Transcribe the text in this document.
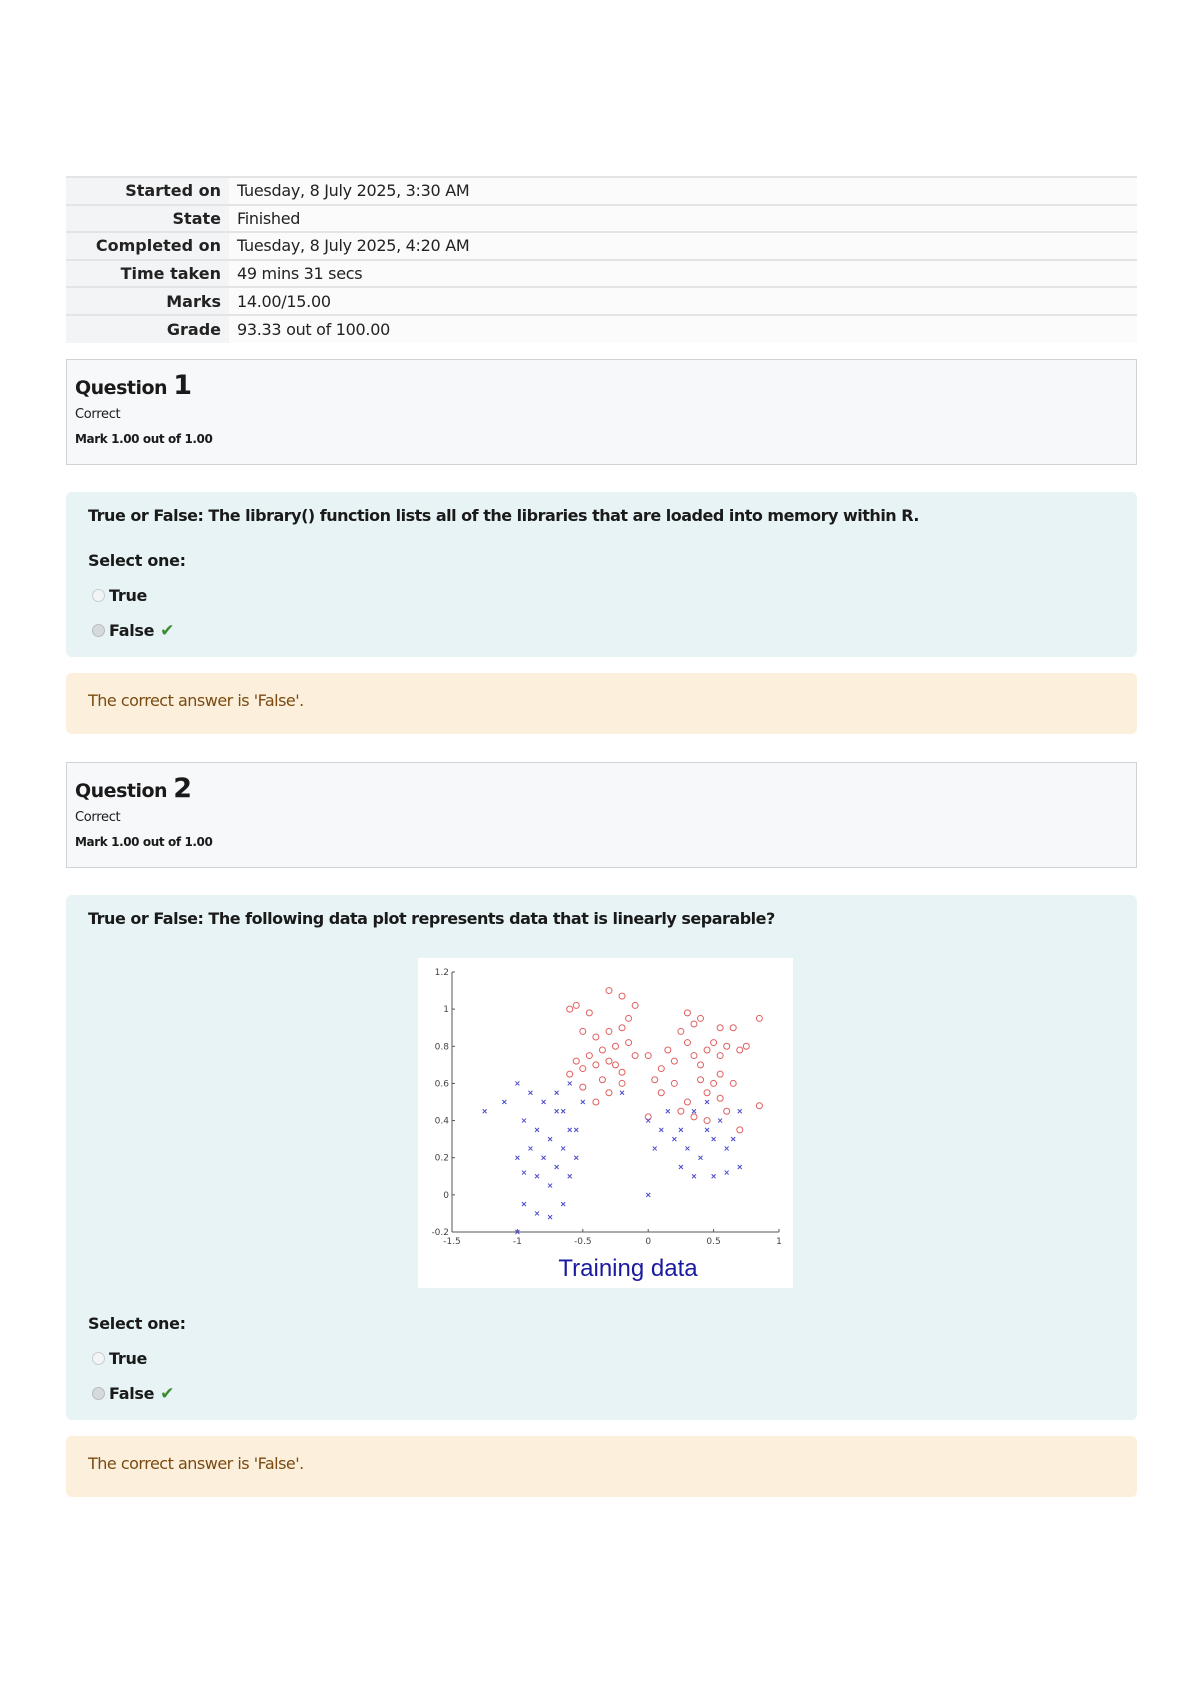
Started on	Tuesday, 8 July 2025, 3:30 AM
State	Finished
Completed on	Tuesday, 8 July 2025, 4:20 AM
Time taken	49 mins 31 secs
Marks	14.00/15.00
Grade	93.33 out of 100.00
Question 1
Correct
Mark 1.00 out of 1.00
True or False: The library() function lists all of the libraries that are loaded into memory within R.
Select one:
True
False ✔
The correct answer is 'False'.
Question 2
Correct
Mark 1.00 out of 1.00
True or False: The following data plot represents data that is linearly separable?
-1.5	-1	-0.5	0	0.5	1
-0.2
0
0.2
0.4
0.6
0.8
1
1.2
Training data
Select one:
True
False ✔
The correct answer is 'False'.
